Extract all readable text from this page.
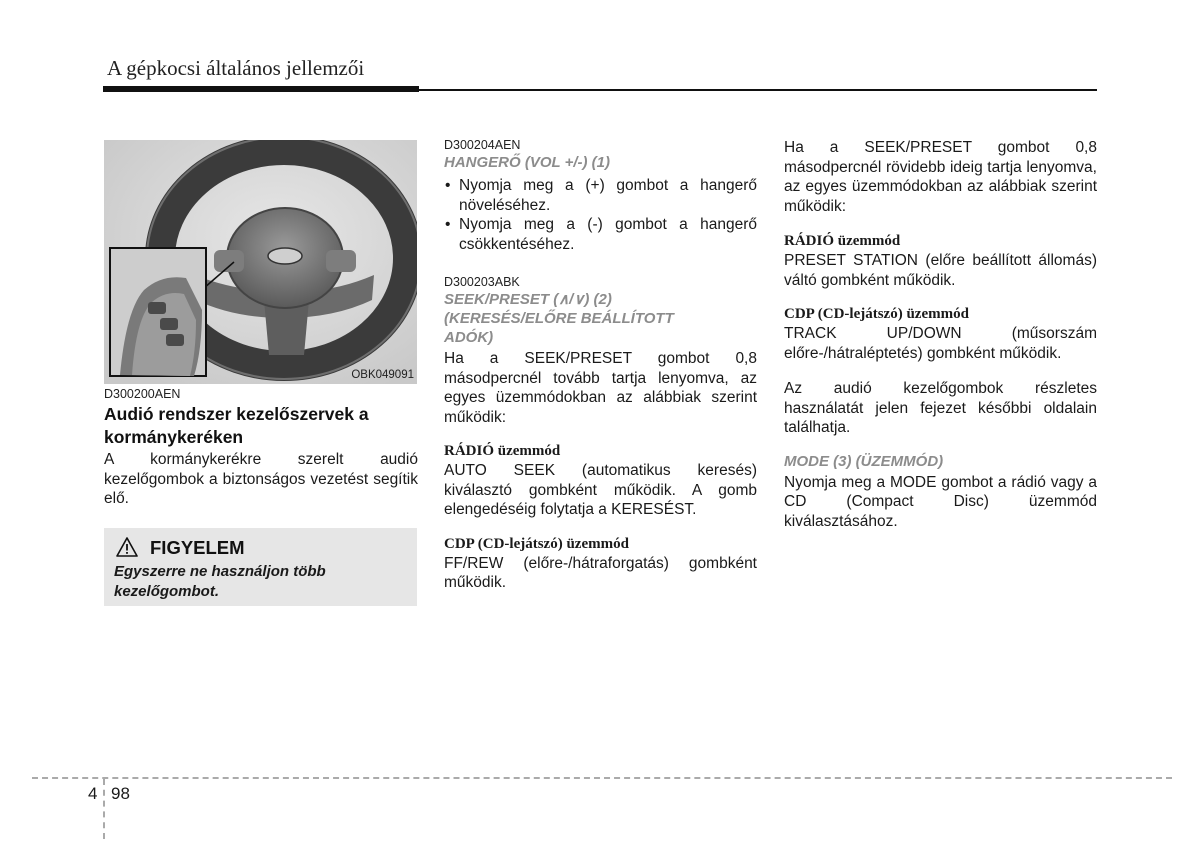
A gépkocsi általános jellemzői
OBK049091
D300200AEN
Audió rendszer kezelőszervek a
kormánykeréken

A kormánykerékre szerelt audió kezelőgombok a biztonságos vezetést segítik elő.

FIGYELEM
Egyszerre ne használjon több kezelőgombot.
D300204AEN
HANGERŐ (VOL +/-) (1)
• Nyomja meg a (+) gombot a hangerő növeléséhez.
• Nyomja meg a (-) gombot a hangerő csökkentéséhez.
D300203ABK
SEEK/PRESET (∧/∨) (2)
(KERESÉS/ELŐRE BEÁLLÍTOTT
ADÓK)

Ha a SEEK/PRESET gombot 0,8 másodpercnél tovább tartja lenyomva, az egyes üzemmódokban az alábbiak szerint működik:

RÁDIÓ üzemmód

AUTO SEEK (automatikus keresés) kiválasztó gombként működik. A gomb elengedéséig folytatja a KERESÉST.

CDP (CD-lejátszó) üzemmód

FF/REW (előre-/hátraforgatás) gombként működik.

Ha a SEEK/PRESET gombot 0,8 másodpercnél rövidebb ideig tartja lenyomva, az egyes üzemmódokban az alábbiak szerint működik:

RÁDIÓ üzemmód

PRESET STATION (előre beállított állomás) váltó gombként működik.

CDP (CD-lejátszó) üzemmód

TRACK UP/DOWN (műsorszám előre-/hátraléptetés) gombként működik.

Az audió kezelőgombok részletes használatát jelen fejezet későbbi oldalain találhatja.

MODE (3) (ÜZEMMÓD)

Nyomja meg a MODE gombot a rádió vagy a CD (Compact Disc) üzemmód kiválasztásához.

4 98
